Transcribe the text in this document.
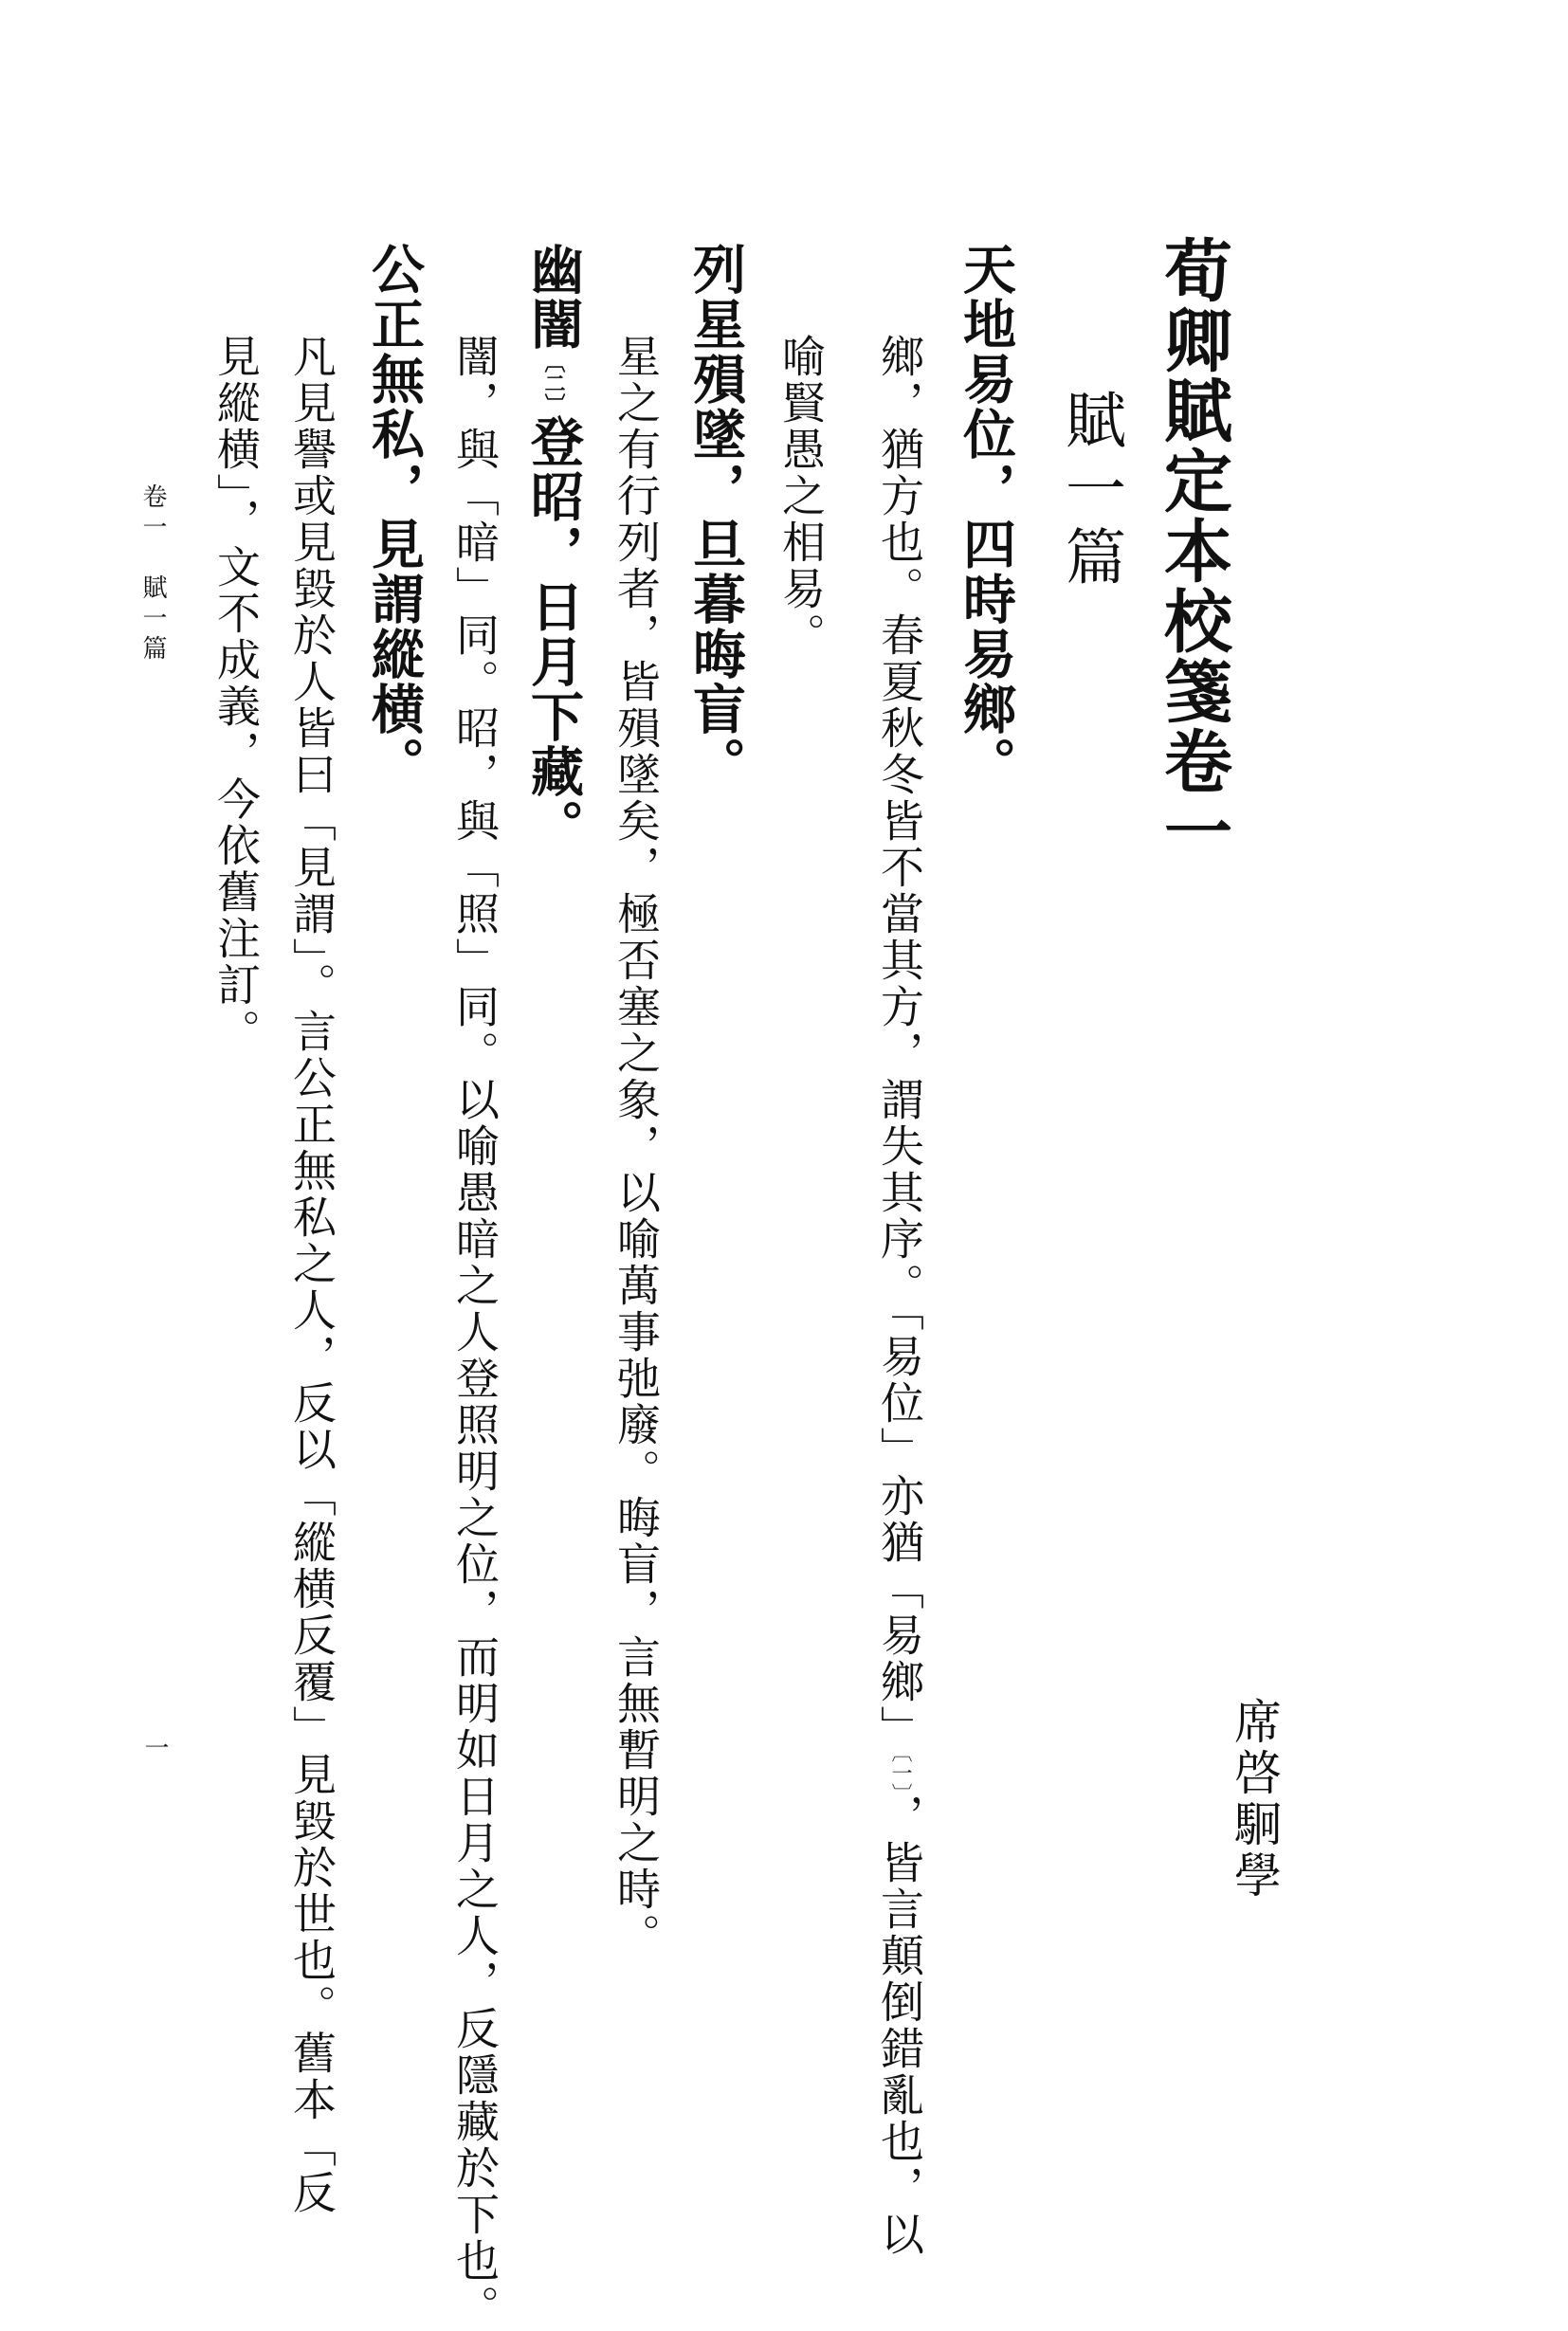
荀卿賦定本校箋卷一
席啓駉學
賦一篇
天地易位，四時易鄉。
鄉，猶方也。春夏秋冬皆不當其方，謂失其序。「易位」亦猶「易鄉」〔一〕，皆言顛倒錯亂也，以
喻賢愚之相易。
列星殞墜，旦暮晦盲。
星之有行列者，皆殞墜矣，極否塞之象，以喻萬事弛廢。晦盲，言無暫明之時。
幽闇〔二〕登昭，日月下藏。
闇，與「暗」同。昭，與「照」同。以喻愚暗之人登照明之位，而明如日月之人，反隱藏於下也。
公正無私，見謂縱横。
凡見譽或見毀於人皆曰「見謂」。言公正無私之人，反以「縱横反覆」見毀於世也。舊本「反
見縱横」，文不成義，今依舊注訂。
卷一　賦一篇
一
